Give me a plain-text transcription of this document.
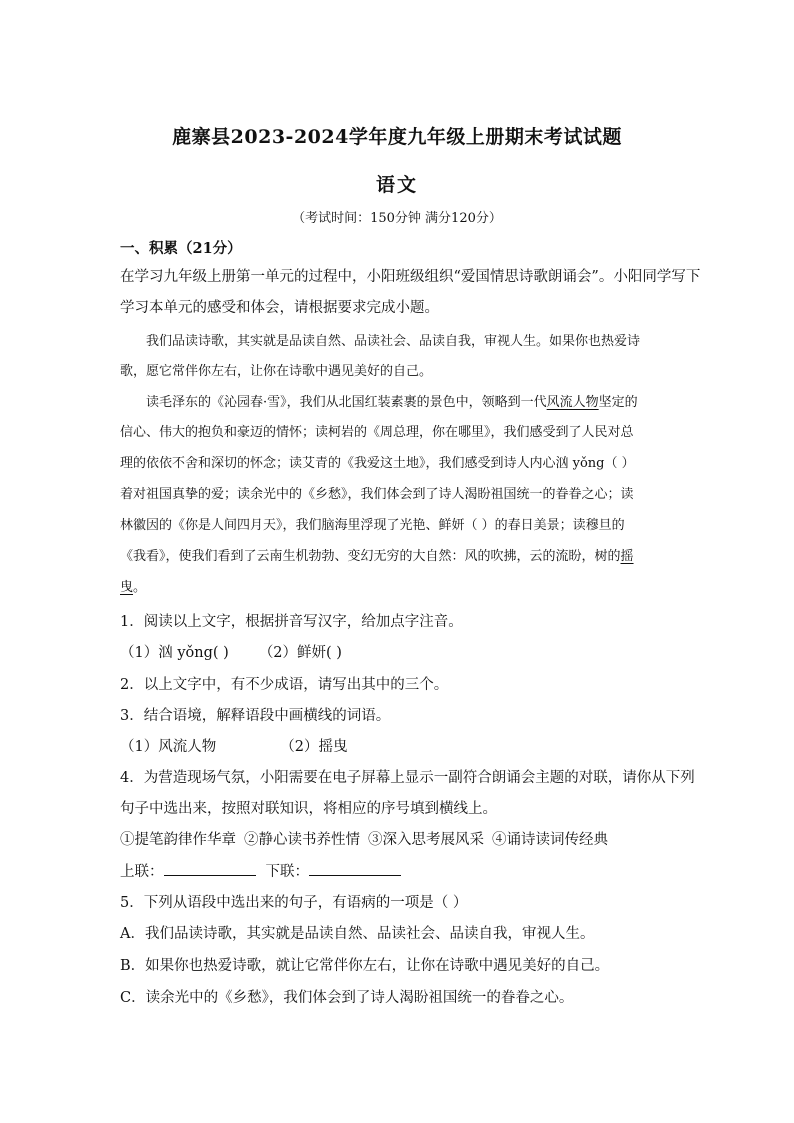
鹿寨县2023-2024学年度九年级上册期末考试试题
语文
（考试时间：150分钟 满分120分）
一、积累（21分）
在学习九年级上册第一单元的过程中，小阳班级组织“爱国情思诗歌朗诵会”。小阳同学写下
学习本单元的感受和体会，请根据要求完成小题。
我们品读诗歌，其实就是品读自然、品读社会、品读自我，审视人生。如果你也热爱诗
歌，愿它常伴你左右，让你在诗歌中遇见美好的自己。
读毛泽东的《沁园春·雪》，我们从北国红装素裹的景色中，领略到一代风流人物坚定的
信心、伟大的抱负和豪迈的情怀；读柯岩的《周总理，你在哪里》，我们感受到了人民对总
理的依依不舍和深切的怀念；读艾青的《我爱这土地》，我们感受到诗人内心汹 yǒng（ ）
着对祖国真挚的爱；读余光中的《乡愁》，我们体会到了诗人渴盼祖国统一的眷眷之心；读
林徽因的《你是人间四月天》，我们脑海里浮现了光艳、鲜妍（ ）的春日美景；读穆旦的
《我看》，使我们看到了云南生机勃勃、变幻无穷的大自然：风的吹拂，云的流盼，树的摇
曳。
1．阅读以上文字，根据拼音写汉字，给加点字注音。
（1）汹 yǒng( ) （2）鲜妍( )
2．以上文字中，有不少成语，请写出其中的三个。
3．结合语境，解释语段中画横线的词语。
（1）风流人物	（2）摇曳
4．为营造现场气氛，小阳需要在电子屏幕上显示一副符合朗诵会主题的对联，请你从下列
句子中选出来，按照对联知识，将相应的序号填到横线上。
①提笔韵律作华章 ②静心读书养性情 ③深入思考展风采 ④诵诗读词传经典
上联：	下联：
5．下列从语段中选出来的句子，有语病的一项是（ ）
A．我们品读诗歌，其实就是品读自然、品读社会、品读自我，审视人生。
B．如果你也热爱诗歌，就让它常伴你左右，让你在诗歌中遇见美好的自己。
C．读余光中的《乡愁》，我们体会到了诗人渴盼祖国统一的眷眷之心。
